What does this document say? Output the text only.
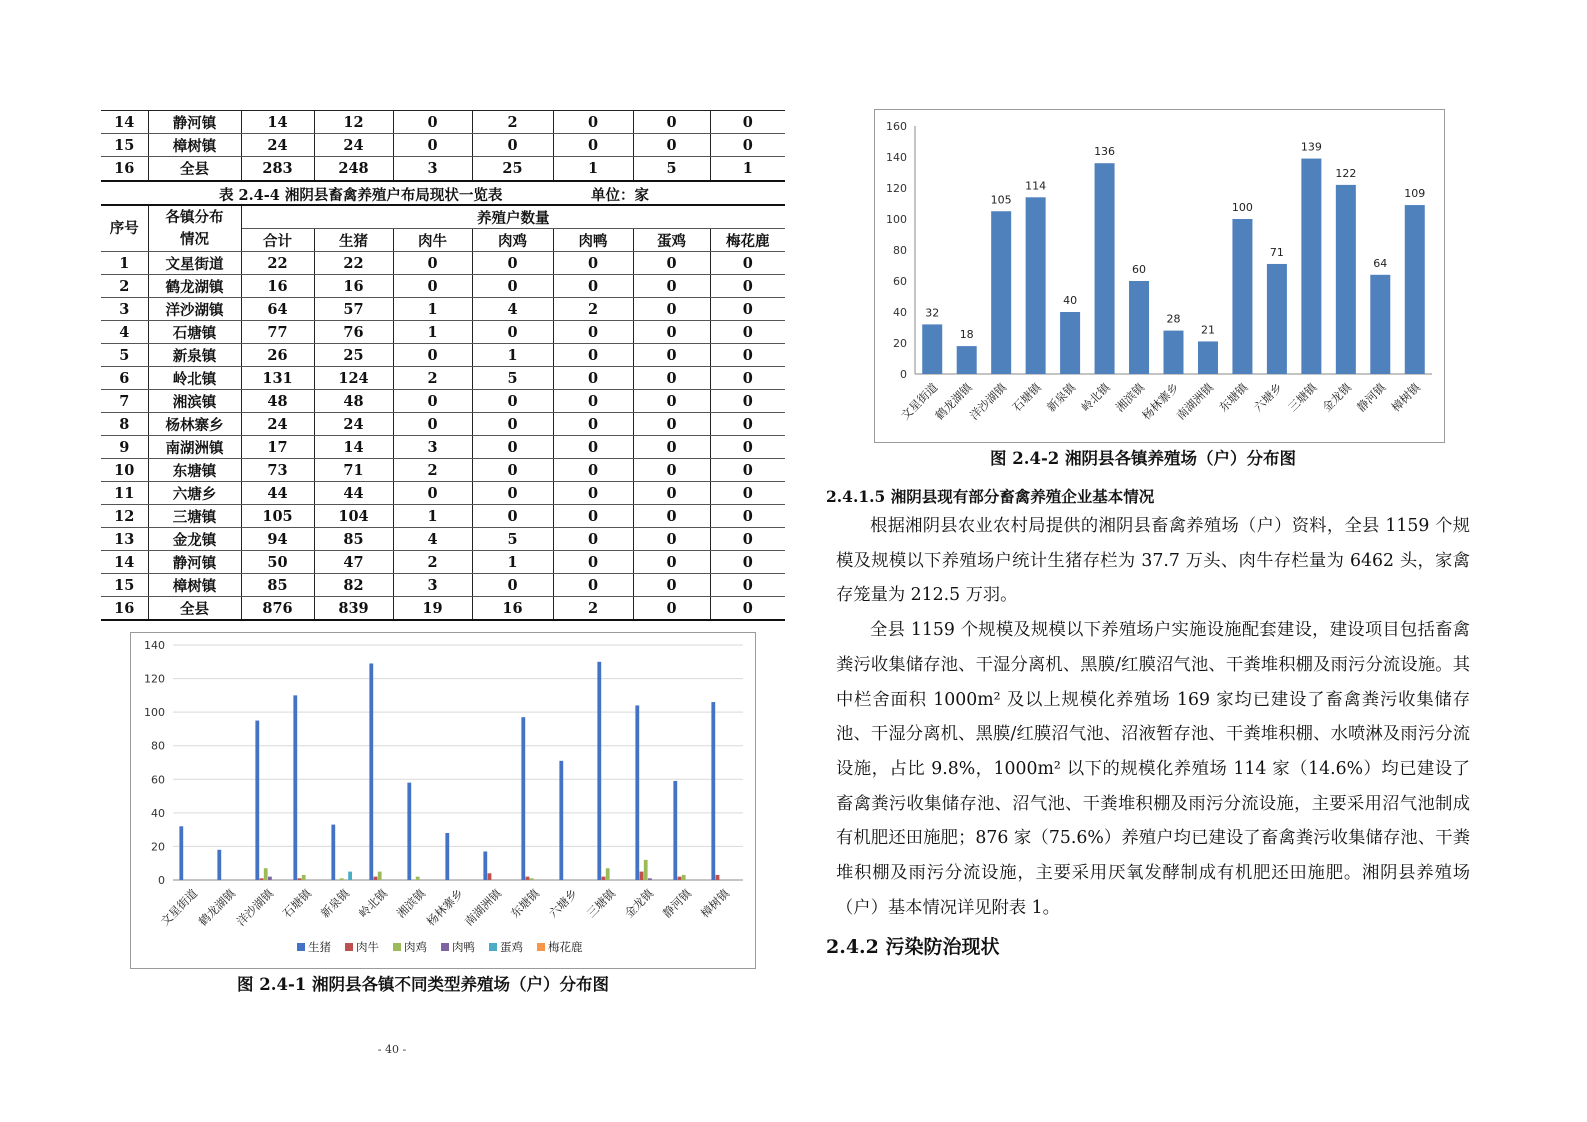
14	静河镇	14	12	0	2	0	0	0
15	樟树镇	24	24	0	0	0	0	0
16	全县	283	248	3	25	1	5	1
表 2.4-4 湘阴县畜禽养殖户布局现状一览表	单位：家
序号	各镇分布情况	养殖户数量						
		合计	生猪	肉牛	肉鸡	肉鸭	蛋鸡	梅花鹿
1	文星街道	22	22	0	0	0	0	0
2	鹤龙湖镇	16	16	0	0	0	0	0
3	洋沙湖镇	64	57	1	4	2	0	0
4	石塘镇	77	76	1	0	0	0	0
5	新泉镇	26	25	0	1	0	0	0
6	岭北镇	131	124	2	5	0	0	0
7	湘滨镇	48	48	0	0	0	0	0
8	杨林寨乡	24	24	0	0	0	0	0
9	南湖洲镇	17	14	3	0	0	0	0
10	东塘镇	73	71	2	0	0	0	0
11	六塘乡	44	44	0	0	0	0	0
12	三塘镇	105	104	1	0	0	0	0
13	金龙镇	94	85	4	5	0	0	0
14	静河镇	50	47	2	1	0	0	0
15	樟树镇	85	82	3	0	0	0	0
16	全县	876	839	19	16	2	0	0
0
20
40
60
80
100
120
140
文星街道
鹤龙湖镇
洋沙湖镇 石塘镇 新泉镇 岭北镇 湘滨镇
杨林寨乡
南湖洲镇 东塘镇 六塘乡 三塘镇 金龙镇 静河镇 樟树镇
生猪 肉牛 肉鸡 肉鸭 蛋鸡 梅花鹿
图 2.4-1 湘阴县各镇不同类型养殖场（户）分布图
0
20
40
60
80
100
120
140
160
32
文星街道
18
鹤龙湖镇
105
洋沙湖镇
114
石塘镇
40
新泉镇
136
岭北镇
60
湘滨镇
28
杨林寨乡
21
南湖洲镇
100
东塘镇
71
六塘乡
139
三塘镇
122
金龙镇
64
静河镇
109
樟树镇
图 2.4-2 湘阴县各镇养殖场（户）分布图
2.4.1.5 湘阴县现有部分畜禽养殖企业基本情况

根据湘阴县农业农村局提供的湘阴县畜禽养殖场（户）资料，全县 1159 个规模及规模以下养殖场户统计生猪存栏为 37.7 万头、肉牛存栏量为 6462 头，家禽存笼量为 212.5 万羽。

全县 1159 个规模及规模以下养殖场户实施设施配套建设，建设项目包括畜禽粪污收集储存池、干湿分离机、黑膜/红膜沼气池、干粪堆积棚及雨污分流设施。其中栏舍面积 1000m² 及以上规模化养殖场 169 家均已建设了畜禽粪污收集储存池、干湿分离机、黑膜/红膜沼气池、沼液暂存池、干粪堆积棚、水喷淋及雨污分流设施，占比 9.8%，1000m² 以下的规模化养殖场 114 家（14.6%）均已建设了畜禽粪污收集储存池、沼气池、干粪堆积棚及雨污分流设施，主要采用沼气池制成有机肥还田施肥；876 家（75.6%）养殖户均已建设了畜禽粪污收集储存池、干粪堆积棚及雨污分流设施，主要采用厌氧发酵制成有机肥还田施肥。湘阴县养殖场（户）基本情况详见附表 1。

2.4.2 污染防治现状
- 40 -
